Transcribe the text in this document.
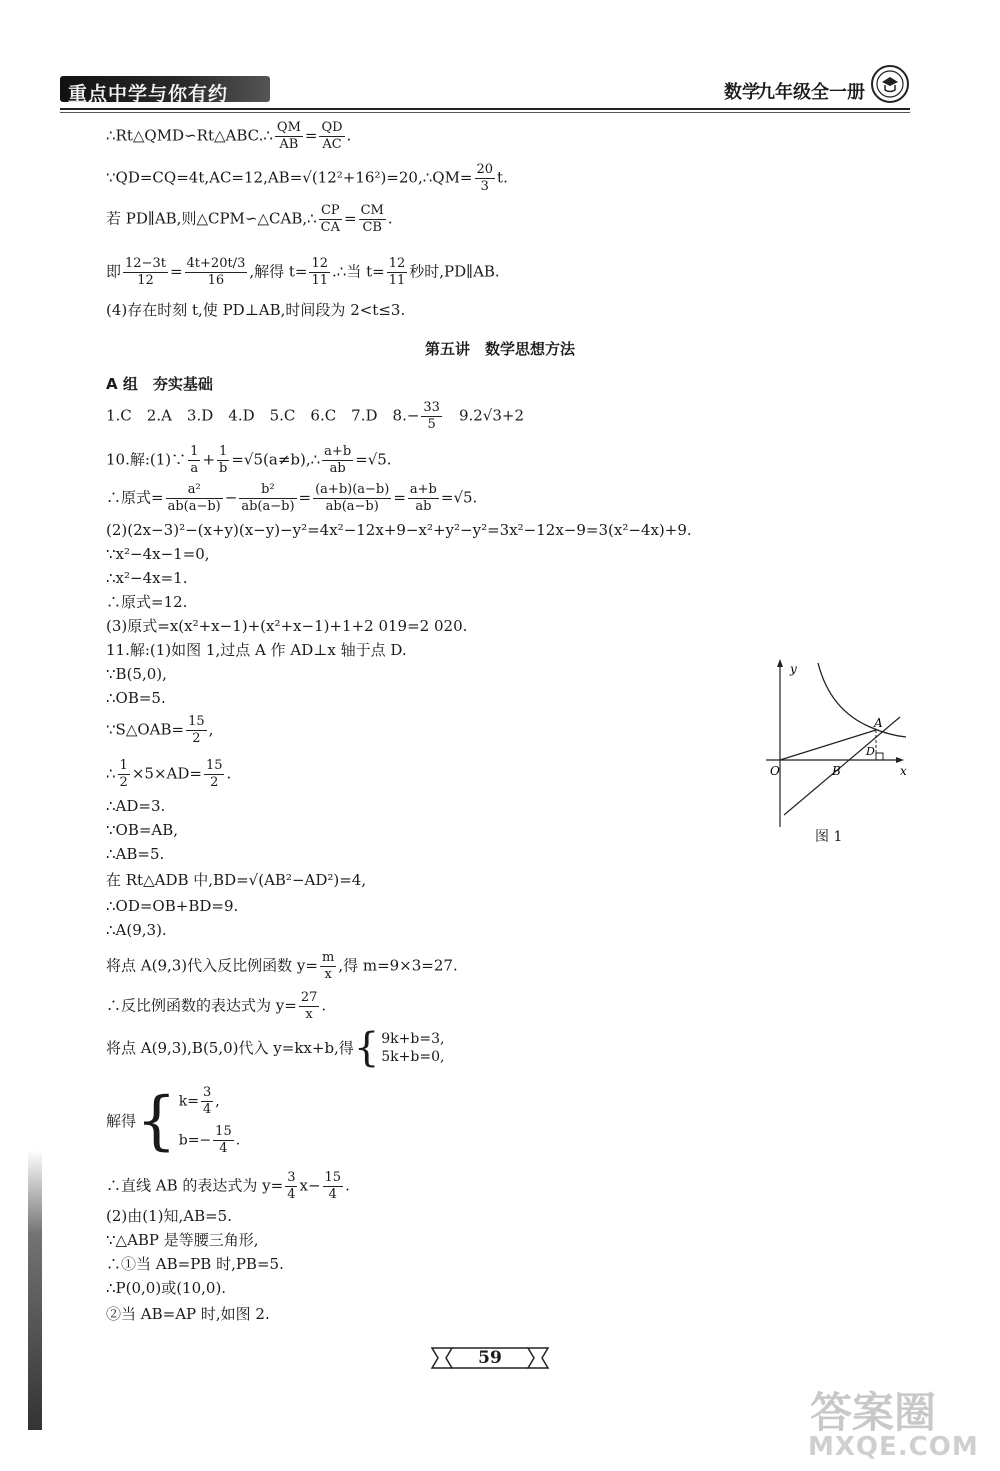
重点中学与你有约	数学
九年级全一册
∴Rt△QMD∽Rt△ABC.∴ $\frac{QM}{AB} = \frac{QD}{AC}$ .
∵QD=CQ=4t,AC=12,AB=√(12²+16²)=20,∴QM= $\frac{20}{3} t$.
若 PD∥AB,则△CPM∽△CAB,∴ $\frac{CP}{CA} = \frac{CM}{CB}$ .
即 $\frac{12-3t}{12} = \frac{4t+20t/3}{16}$ ,解得 $t= \frac{12}{11}$ .∴当 $t= \frac{12}{11}$ 秒时,PD∥AB.
(4)存在时刻 t,使 PD⊥AB,时间段为 2<t≤3.
第五讲　数学思想方法
A 组　夯实基础
1.C　2.A　3.D　4.D　5.C　6.C　7.D　$8.- \frac{33}{5}$ 　9.2√3+2
10.解:(1)∵ $\frac{1}{a} + \frac{1}{b}$ =√5(a≠b),∴ $\frac{a+b}{ab} =√5$.
∴原式= $\frac{\text{a²}}{ab(a-b)} - \frac{\text{b²}}{ab(a-b)} = \frac{(a+b)(a-b)}{ab(a-b)} = \frac{a+b}{ab} =√5$.
(2)(2x−3)²−(x+y)(x−y)−y²=4x²−12x+9−x²+y²−y²=3x²−12x−9=3(x²−4x)+9.
∵x²−4x−1=0,
∴x²−4x=1.
∴原式=12.
(3)原式=x(x²+x−1)+(x²+x−1)+1+2 019=2 020.
11.解:(1)如图 1,过点 A 作 AD⊥x 轴于点 D.
∵B(5,0),
∴OB=5.
∵S△OAB= $\frac{15}{2}$ ,
∴ $\frac{1}{2} \times 5\times AD= \frac{15}{2}$ .
∴AD=3.
∵OB=AB,
∴AB=5.
在 Rt△ADB 中,BD=√(AB²−AD²)=4,
∴OD=OB+BD=9.
∴A(9,3).
将点 A(9,3)代入反比例函数 $y= \frac{m}{x}$ ,得 m=9×3=27.
∴反比例函数的表达式为 $y= \frac{27}{x}$ .
将点 A(9,3),B(5,0)代入 y=kx+b,得{ 9k+b=3,
5k+b=0,
解得{ $k= \frac{3}{4}$ ,
$b=- \frac{15}{4}$ .
∴直线 AB 的表达式为 $y= \frac{3}{4} x- \frac{15}{4}$ .
(2)由(1)知,AB=5.
∵△ABP 是等腰三角形,
∴①当 AB=PB 时,PB=5.
∴P(0,0)或(10,0).
②当 AB=AP 时,如图 2.
y
x
O
A
B
D
图 1
59
答案圈
MXQE.COM
